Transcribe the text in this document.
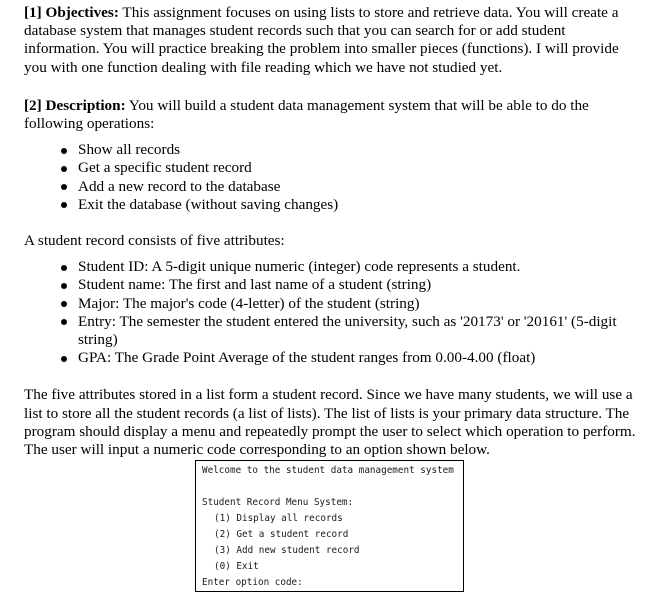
[1] Objectives: This assignment focuses on using lists to store and retrieve data. You will create a database system that manages student records such that you can search for or add student information. You will practice breaking the problem into smaller pieces (functions). I will provide you with one function dealing with file reading which we have not studied yet.

[2] Description: You will build a student data management system that will be able to do the following operations:

Show all records
Get a specific student record
Add a new record to the database
Exit the database (without saving changes)

A student record consists of five attributes:

Student ID: A 5-digit unique numeric (integer) code represents a student.
Student name: The first and last name of a student (string)
Major: The major's code (4-letter) of the student (string)
Entry: The semester the student entered the university, such as '20173' or '20161' (5-digit string)
GPA: The Grade Point Average of the student ranges from 0.00-4.00 (float)

The five attributes stored in a list form a student record. Since we have many students, we will use a list to store all the student records (a list of lists). The list of lists is your primary data structure. The program should display a menu and repeatedly prompt the user to select which operation to perform. The user will input a numeric code corresponding to an option shown below.

Welcome to the student data management system
Student Record Menu System:
(1) Display all records
(2) Get a student record
(3) Add new student record
(0) Exit
Enter option code:
